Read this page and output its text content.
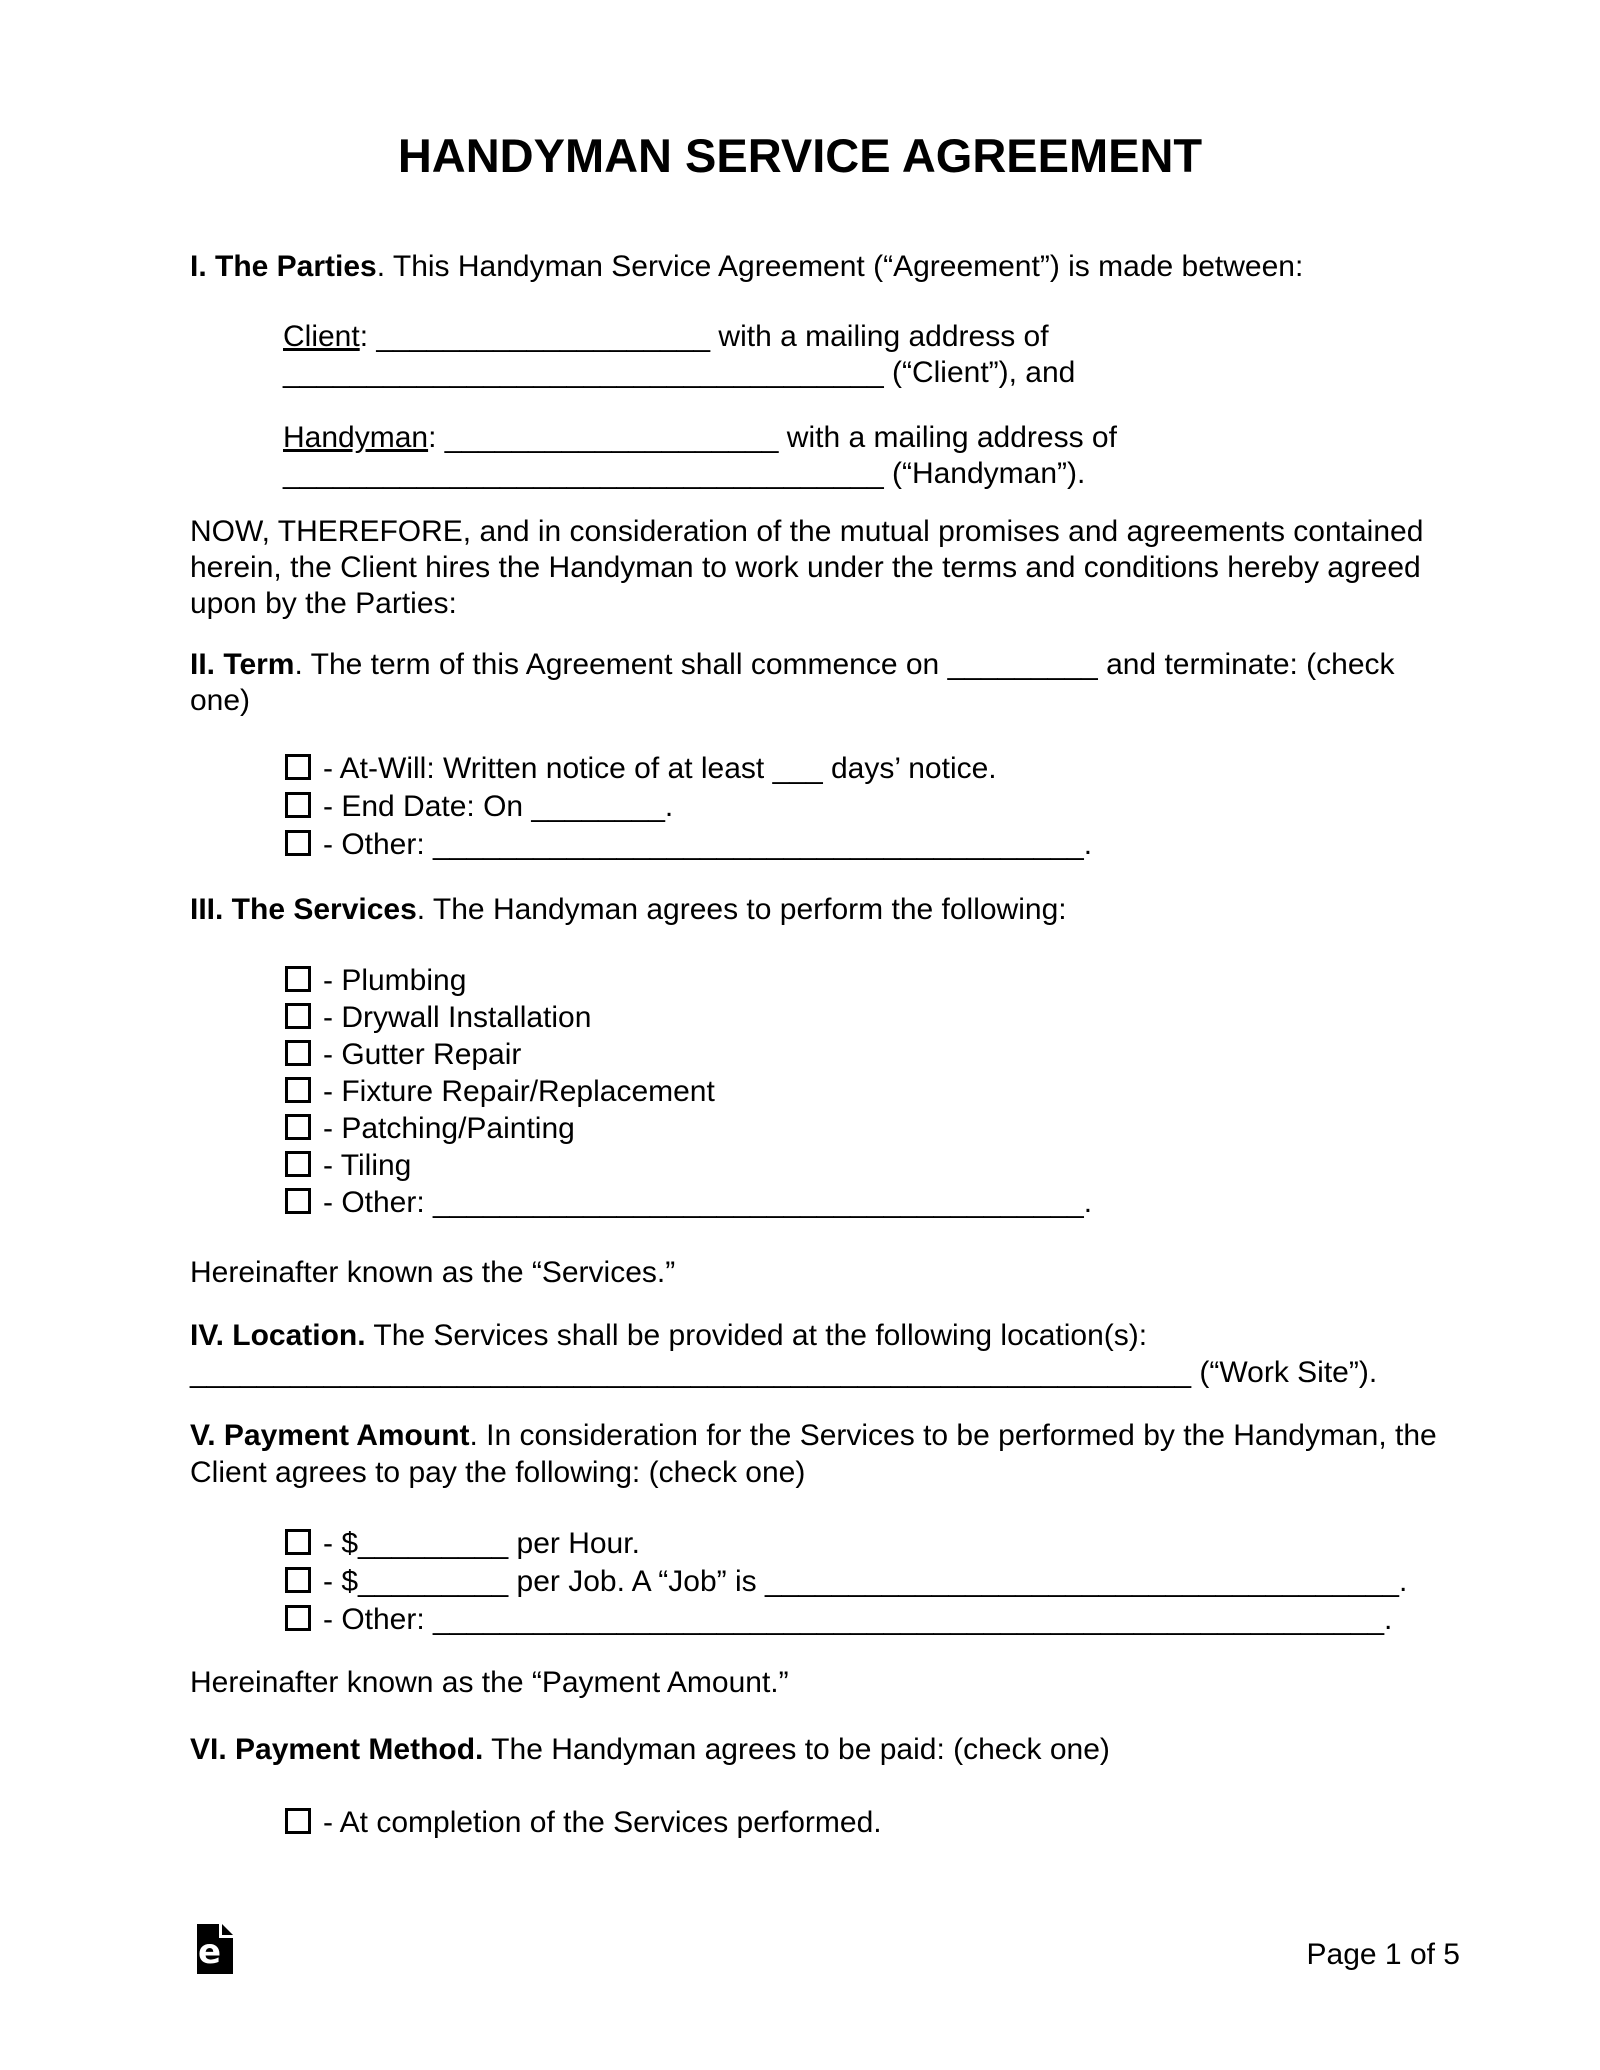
HANDYMAN SERVICE AGREEMENT
I. The Parties. This Handyman Service Agreement (“Agreement”) is made between:
Client: ____________________ with a mailing address of
____________________________________ (“Client”), and
Handyman: ____________________ with a mailing address of
____________________________________ (“Handyman”).
NOW, THEREFORE, and in consideration of the mutual promises and agreements contained
herein, the Client hires the Handyman to work under the terms and conditions hereby agreed
upon by the Parties:
II. Term. The term of this Agreement shall commence on _________ and terminate: (check
one)
- At-Will: Written notice of at least ___ days’ notice.
- End Date: On ________.
- Other: _______________________________________.
III. The Services. The Handyman agrees to perform the following:
- Plumbing
- Drywall Installation
- Gutter Repair
- Fixture Repair/Replacement
- Patching/Painting
- Tiling
- Other: _______________________________________.
Hereinafter known as the “Services.”
IV. Location. The Services shall be provided at the following location(s):
____________________________________________________________ (“Work Site”).
V. Payment Amount. In consideration for the Services to be performed by the Handyman, the
Client agrees to pay the following: (check one)
- $_________ per Hour.
- $_________ per Job. A “Job” is ______________________________________.
- Other: _________________________________________________________.
Hereinafter known as the “Payment Amount.”
VI. Payment Method. The Handyman agrees to be paid: (check one)
- At completion of the Services performed.
e	Page 1 of 5
